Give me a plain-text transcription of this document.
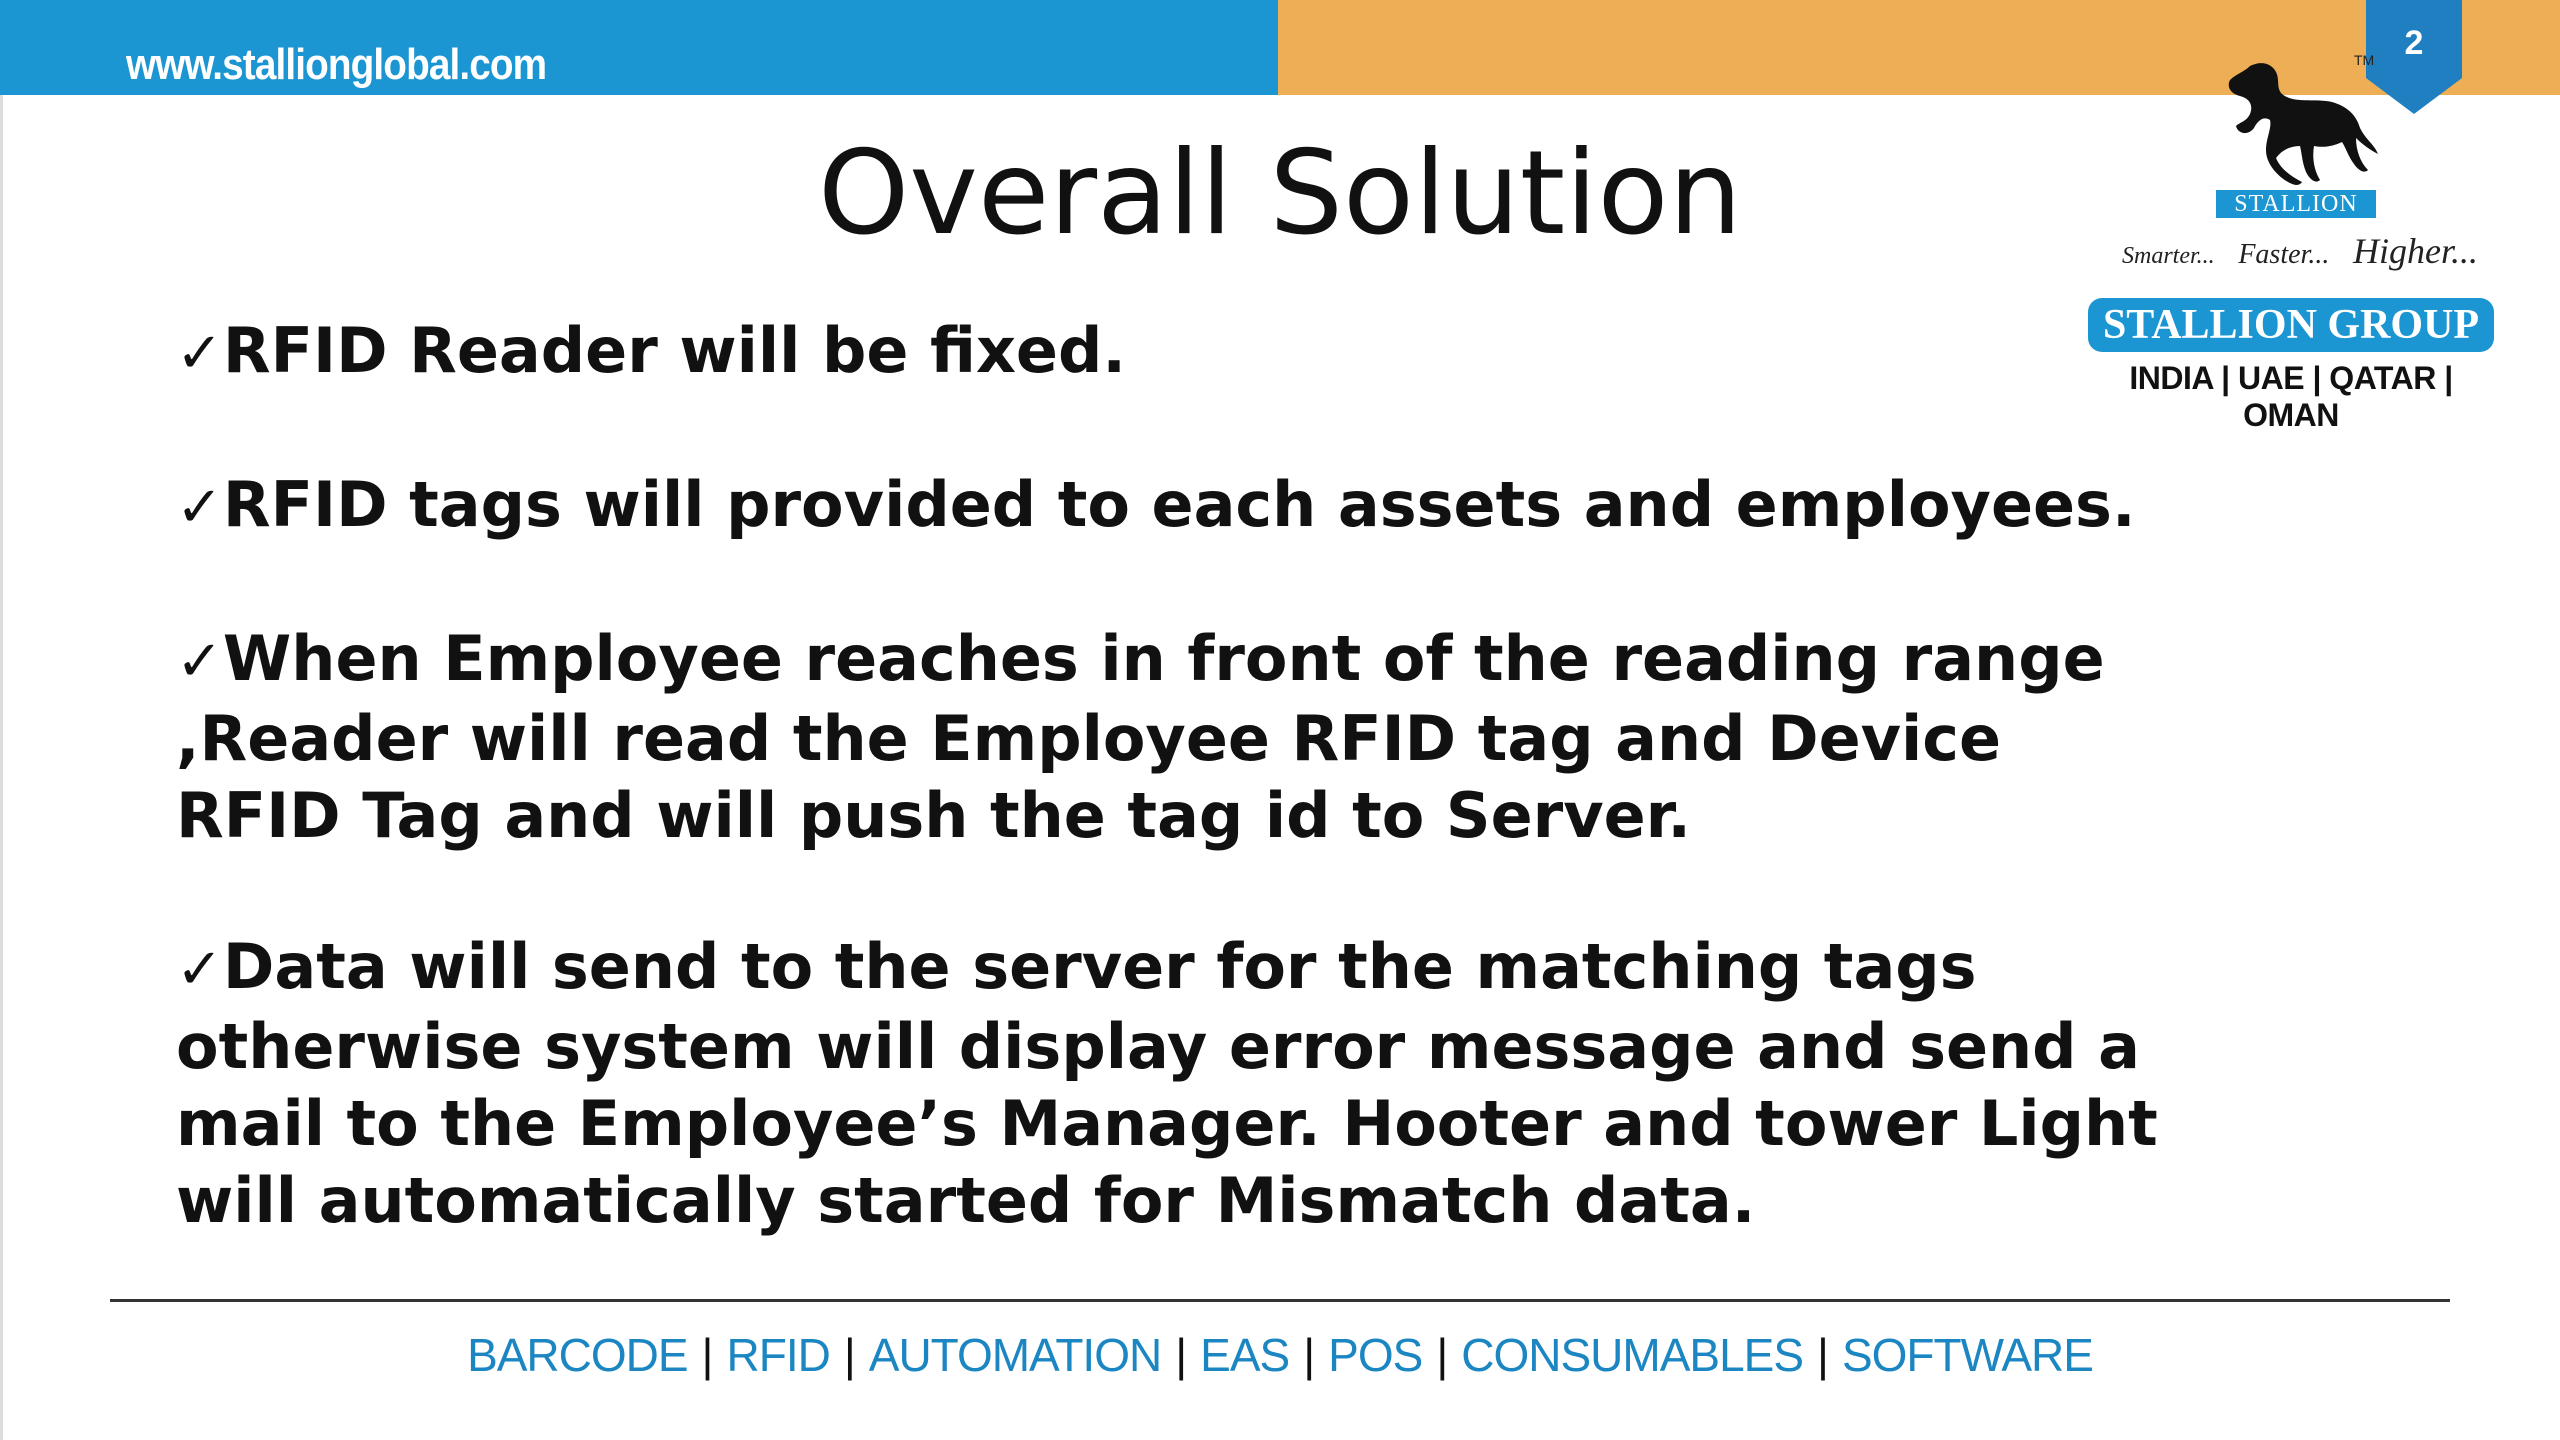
www.stallionglobal.com	2
TM
STALLION
Smarter... Faster... Higher...
STALLION GROUP
INDIA | UAE | QATAR | OMAN
Overall Solution
✓RFID Reader will be fixed.
✓RFID tags will provided to each assets and employees.
✓When Employee reaches in front of the reading range
,Reader will read the Employee RFID tag and Device
RFID Tag and will push the tag id to Server.
✓Data will send to the server for the matching tags
otherwise system will display error message and send a
mail to the Employee’s Manager. Hooter and tower Light
will automatically started for Mismatch data.
BARCODE | RFID | AUTOMATION | EAS | POS | CONSUMABLES | SOFTWARE
